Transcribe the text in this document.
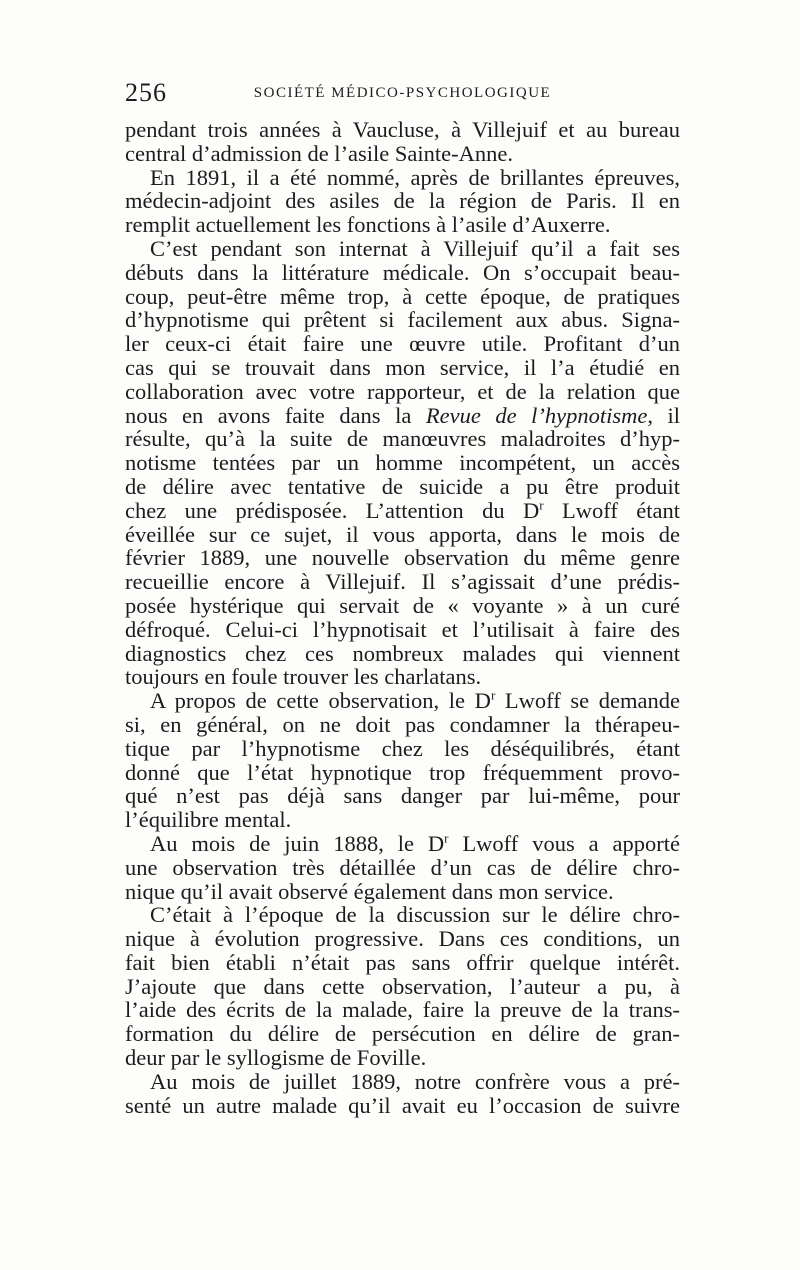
256	SOCIÉTÉ MÉDICO-PSYCHOLOGIQUE
pendant trois années à Vaucluse, à Villejuif et au bureau
central d’admission de l’asile Sainte-Anne.
En 1891, il a été nommé, après de brillantes épreuves,
médecin-adjoint des asiles de la région de Paris. Il en
remplit actuellement les fonctions à l’asile d’Auxerre.
C’est pendant son internat à Villejuif qu’il a fait ses
débuts dans la littérature médicale. On s’occupait beau-
coup, peut-être même trop, à cette époque, de pratiques
d’hypnotisme qui prêtent si facilement aux abus. Signa-
ler ceux-ci était faire une œuvre utile. Profitant d’un
cas qui se trouvait dans mon service, il l’a étudié en
collaboration avec votre rapporteur, et de la relation que
nous en avons faite dans la Revue de l’hypnotisme, il
résulte, qu’à la suite de manœuvres maladroites d’hyp-
notisme tentées par un homme incompétent, un accès
de délire avec tentative de suicide a pu être produit
chez une prédisposée. L’attention du $D^r$ Lwoff étant
éveillée sur ce sujet, il vous apporta, dans le mois de
février 1889, une nouvelle observation du même genre
recueillie encore à Villejuif. Il s’agissait d’une prédis-
posée hystérique qui servait de « voyante » à un curé
défroqué. Celui-ci l’hypnotisait et l’utilisait à faire des
diagnostics chez ces nombreux malades qui viennent
toujours en foule trouver les charlatans.
A propos de cette observation, le $D^r$ Lwoff se demande
si, en général, on ne doit pas condamner la thérapeu-
tique par l’hypnotisme chez les déséquilibrés, étant
donné que l’état hypnotique trop fréquemment provo-
qué n’est pas déjà sans danger par lui-même, pour
l’équilibre mental.
Au mois de juin 1888, le $D^r$ Lwoff vous a apporté
une observation très détaillée d’un cas de délire chro-
nique qu’il avait observé également dans mon service.
C’était à l’époque de la discussion sur le délire chro-
nique à évolution progressive. Dans ces conditions, un
fait bien établi n’était pas sans offrir quelque intérêt.
J’ajoute que dans cette observation, l’auteur a pu, à
l’aide des écrits de la malade, faire la preuve de la trans-
formation du délire de persécution en délire de gran-
deur par le syllogisme de Foville.
Au mois de juillet 1889, notre confrère vous a pré-
senté un autre malade qu’il avait eu l’occasion de suivre
